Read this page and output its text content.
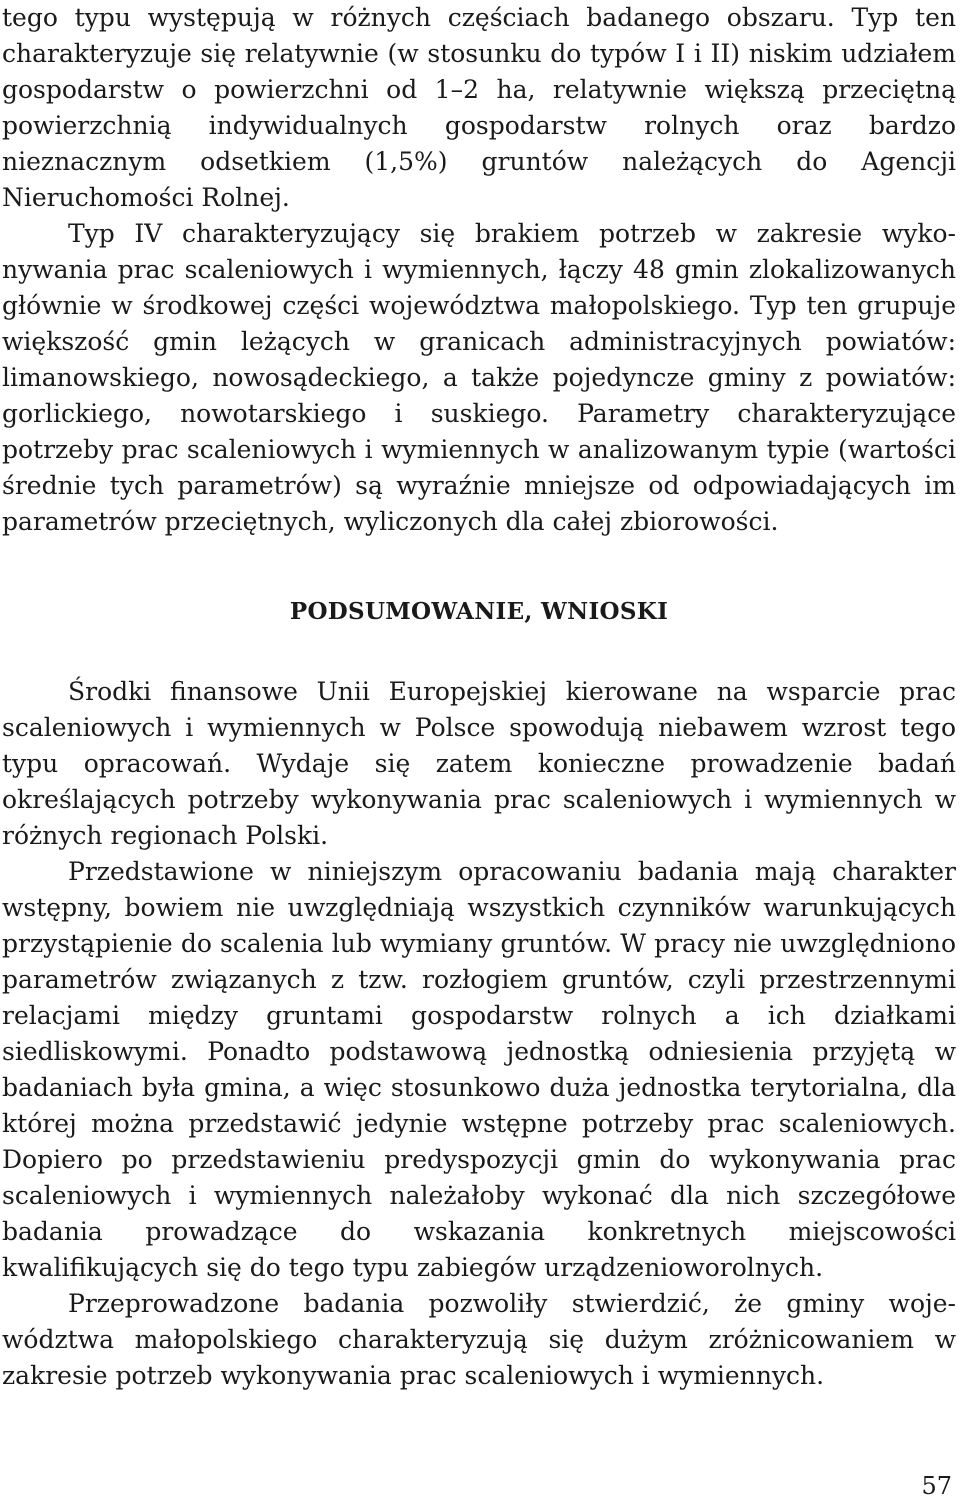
tego typu występują w różnych częściach badanego obszaru. Typ ten charakteryzuje się relatywnie (w stosunku do typów I i II) niskim udziałem gospodarstw o powierzchni od 1–2 ha, relatywnie większą przeciętną powierzchnią indywidualnych gospodarstw rolnych oraz bardzo nieznacznym odsetkiem (1,5%) gruntów należących do Agencji Nieruchomości Rolnej.

Typ IV charakteryzujący się brakiem potrzeb w zakresie wykonywania prac scaleniowych i wymiennych, łączy 48 gmin zlokalizowanych głównie w środkowej części województwa małopolskiego. Typ ten grupuje większość gmin leżących w granicach administracyjnych powiatów: limanowskiego, nowosądeckiego, a także pojedyncze gminy z powiatów: gorlickiego, nowotarskiego i suskiego. Parametry charakteryzujące potrzeby prac scaleniowych i wymiennych w analizowanym typie (wartości średnie tych parametrów) są wyraźnie mniejsze od odpowiadających im parametrów przeciętnych, wyliczonych dla całej zbiorowości.

PODSUMOWANIE, WNIOSKI

Środki finansowe Unii Europejskiej kierowane na wsparcie prac scaleniowych i wymiennych w Polsce spowodują niebawem wzrost tego typu opracowań. Wydaje się zatem konieczne prowadzenie badań określających potrzeby wykonywania prac scaleniowych i wymiennych w różnych regionach Polski.

Przedstawione w niniejszym opracowaniu badania mają charakter wstępny, bowiem nie uwzględniają wszystkich czynników warunkujących przystąpienie do scalenia lub wymiany gruntów. W pracy nie uwzględniono parametrów związanych z tzw. rozłogiem gruntów, czyli przestrzennymi relacjami między gruntami gospodarstw rolnych a ich działkami siedliskowymi. Ponadto podstawową jednostką odniesienia przyjętą w badaniach była gmina, a więc stosunkowo duża jednostka terytorialna, dla której można przedstawić jedynie wstępne potrzeby prac scaleniowych. Dopiero po przedstawieniu predyspozycji gmin do wykonywania prac scaleniowych i wymiennych należałoby wykonać dla nich szczegółowe badania prowadzące do wskazania konkretnych miejscowości kwalifikujących się do tego typu zabiegów urządzenioworolnych.

Przeprowadzone badania pozwoliły stwierdzić, że gminy województwa małopolskiego charakteryzują się dużym zróżnicowaniem w zakresie potrzeb wykonywania prac scaleniowych i wymiennych.

57
